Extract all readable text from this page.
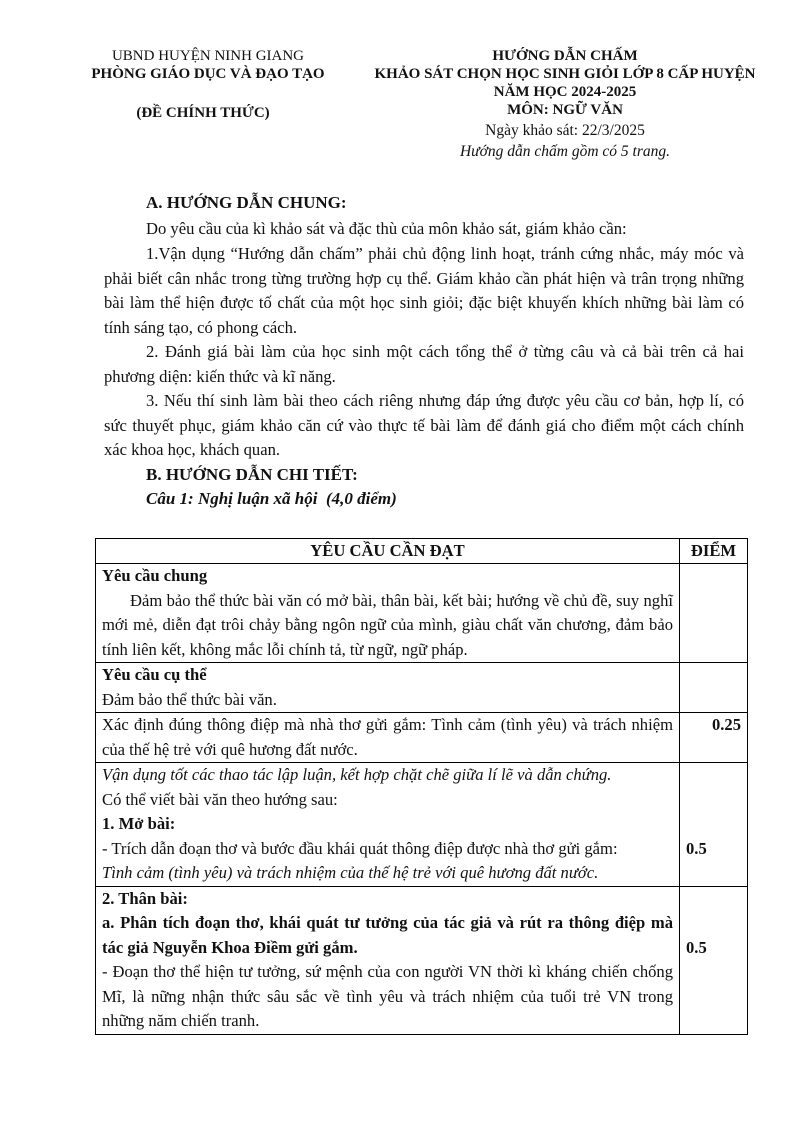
UBND HUYỆN NINH GIANG
PHÒNG GIÁO DỤC VÀ ĐẠO TẠO
(ĐỀ CHÍNH THỨC)
HƯỚNG DẪN CHẤM
KHẢO SÁT CHỌN HỌC SINH GIỎI LỚP 8 CẤP HUYỆN
NĂM HỌC 2024-2025
MÔN: NGỮ VĂN
Ngày khảo sát: 22/3/2025
Hướng dẫn chấm gồm có 5 trang.
A. HƯỚNG DẪN CHUNG:
Do yêu cầu của kì khảo sát và đặc thù của môn khảo sát, giám khảo cần:
1.Vận dụng “Hướng dẫn chấm” phải chủ động linh hoạt, tránh cứng nhắc, máy móc và phải biết cân nhắc trong từng trường hợp cụ thể. Giám khảo cần phát hiện và trân trọng những bài làm thể hiện được tố chất của một học sinh giỏi; đặc biệt khuyến khích những bài làm có tính sáng tạo, có phong cách.
2. Đánh giá bài làm của học sinh một cách tổng thể ở từng câu và cả bài trên cả hai phương diện: kiến thức và kĩ năng.
3. Nếu thí sinh làm bài theo cách riêng nhưng đáp ứng được yêu cầu cơ bản, hợp lí, có sức thuyết phục, giám khảo căn cứ vào thực tế bài làm để đánh giá cho điểm một cách chính xác khoa học, khách quan.
B. HƯỚNG DẪN CHI TIẾT:
Câu 1: Nghị luận xã hội  (4,0 điểm)
YÊU CẦU CẦN ĐẠT	ĐIỂM

Yêu cầu chung
Đảm bảo thể thức bài văn có mở bài, thân bài, kết bài; hướng về chủ đề, suy nghĩ mới mẻ, diễn đạt trôi chảy bằng ngôn ngữ của mình, giàu chất văn chương, đảm bảo tính liên kết, không mắc lỗi chính tả, từ ngữ, ngữ pháp.	

Yêu cầu cụ thể
Đảm bảo thể thức bài văn.	

Xác định đúng thông điệp mà nhà thơ gửi gắm: Tình cảm (tình yêu) và trách nhiệm của thế hệ trẻ với quê hương đất nước.	0.25

Vận dụng tốt các thao tác lập luận, kết hợp chặt chẽ giữa lí lẽ và dẫn chứng.
Có thể viết bài văn theo hướng sau:
1. Mở bài:
- Trích dẫn đoạn thơ và bước đầu khái quát thông điệp được nhà thơ gửi gắm:
Tình cảm (tình yêu) và trách nhiệm của thế hệ trẻ với quê hương đất nước.	0.5

2. Thân bài:
a. Phân tích đoạn thơ, khái quát tư tưởng của tác giả và rút ra thông điệp mà tác giả Nguyễn Khoa Điềm gửi gắm.
- Đoạn thơ thể hiện tư tưởng, sứ mệnh của con người VN thời kì kháng chiến chống Mĩ, là nững nhận thức sâu sắc về tình yêu và trách nhiệm của tuổi trẻ VN trong những năm chiến tranh.	0.5
